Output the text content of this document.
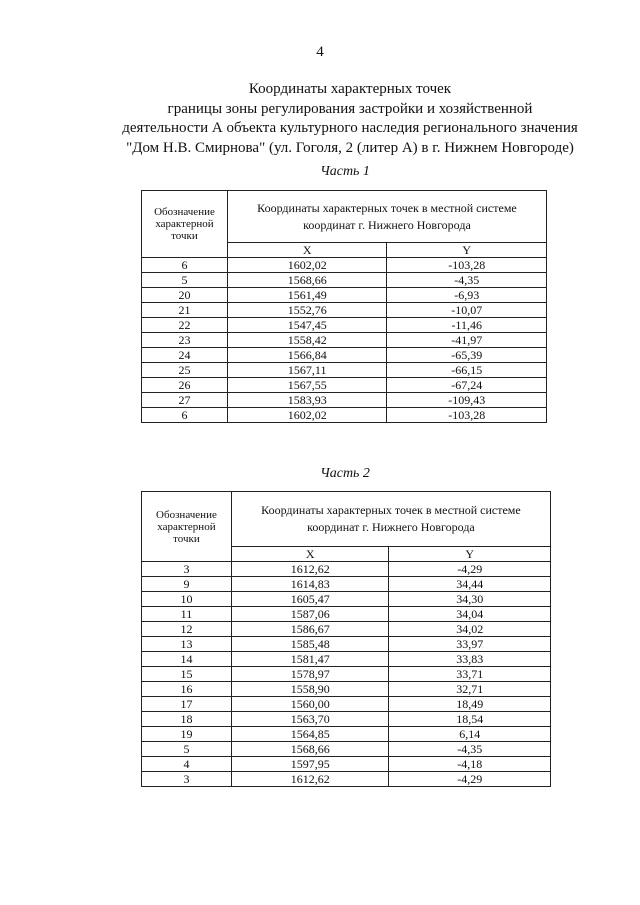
4
Координаты характерных точек
границы зоны регулирования застройки и хозяйственной
деятельности А объекта культурного наследия регионального значения
"Дом Н.В. Смирнова" (ул. Гоголя, 2 (литер А) в г. Нижнем Новгороде)
Часть 1
Обозначение характерной точки	Координаты характерных точек в местной системе координат г. Нижнего Новгорода	
	X	Y
6	1602,02	-103,28
5	1568,66	-4,35
20	1561,49	-6,93
21	1552,76	-10,07
22	1547,45	-11,46
23	1558,42	-41,97
24	1566,84	-65,39
25	1567,11	-66,15
26	1567,55	-67,24
27	1583,93	-109,43
6	1602,02	-103,28
Часть 2
Обозначение характерной точки	Координаты характерных точек в местной системе координат г. Нижнего Новгорода	
	X	Y
3	1612,62	-4,29
9	1614,83	34,44
10	1605,47	34,30
11	1587,06	34,04
12	1586,67	34,02
13	1585,48	33,97
14	1581,47	33,83
15	1578,97	33,71
16	1558,90	32,71
17	1560,00	18,49
18	1563,70	18,54
19	1564,85	6,14
5	1568,66	-4,35
4	1597,95	-4,18
3	1612,62	-4,29
